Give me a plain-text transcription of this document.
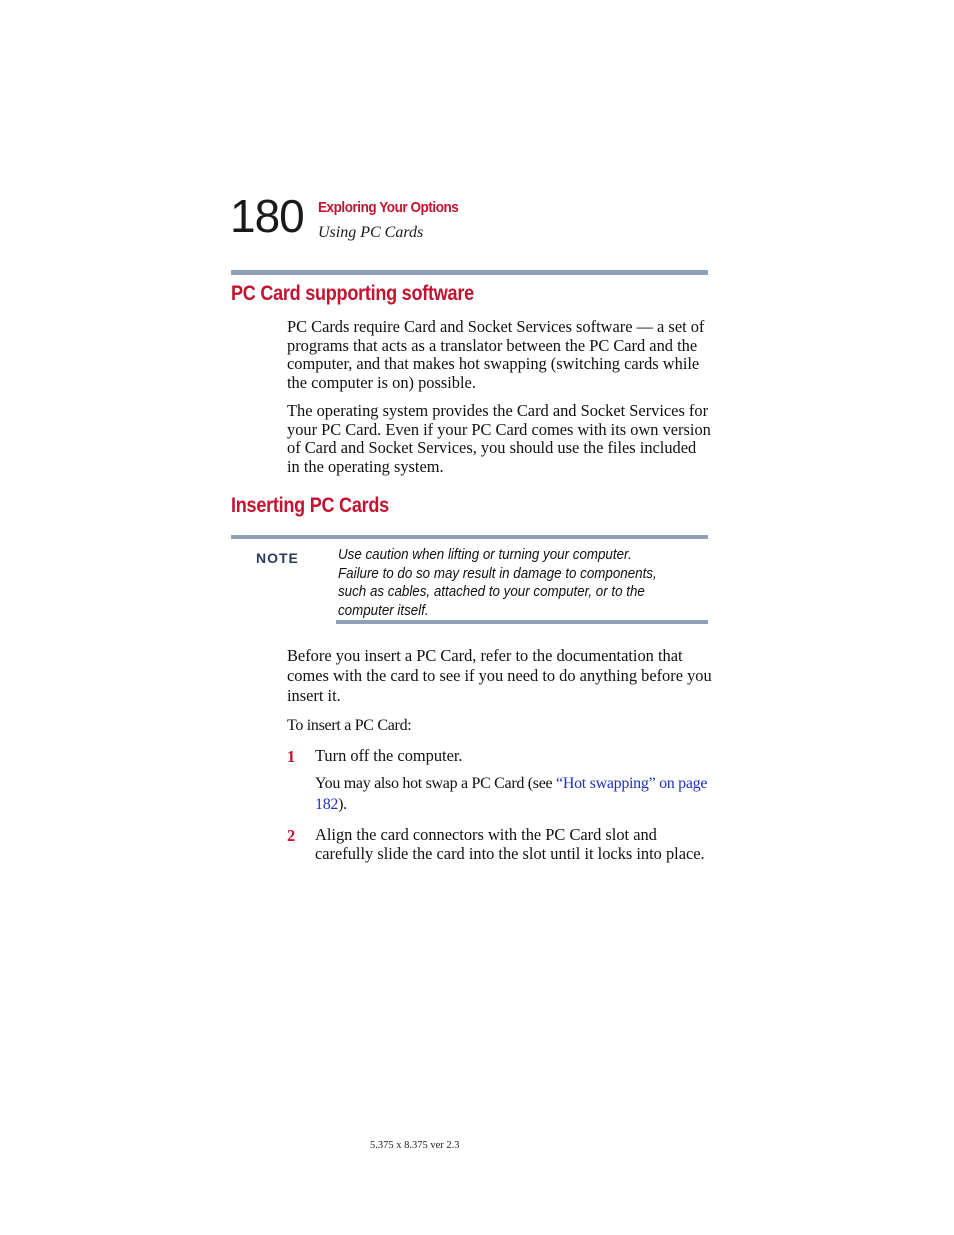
180 Exploring Your Options
Using PC Cards
PC Card supporting software
PC Cards require Card and Socket Services software — a set of programs that acts as a translator between the PC Card and the computer, and that makes hot swapping (switching cards while the computer is on) possible.
The operating system provides the Card and Socket Services for your PC Card. Even if your PC Card comes with its own version of Card and Socket Services, you should use the files included in the operating system.
Inserting PC Cards
NOTE	Use caution when lifting or turning your computer. Failure to do so may result in damage to components, such as cables, attached to your computer, or to the computer itself.
Before you insert a PC Card, refer to the documentation that comes with the card to see if you need to do anything before you insert it.
To insert a PC Card:
1 Turn off the computer.
You may also hot swap a PC Card (see “Hot swapping” on page 182).
2 Align the card connectors with the PC Card slot and carefully slide the card into the slot until it locks into place.
5.375 x 8.375 ver 2.3
